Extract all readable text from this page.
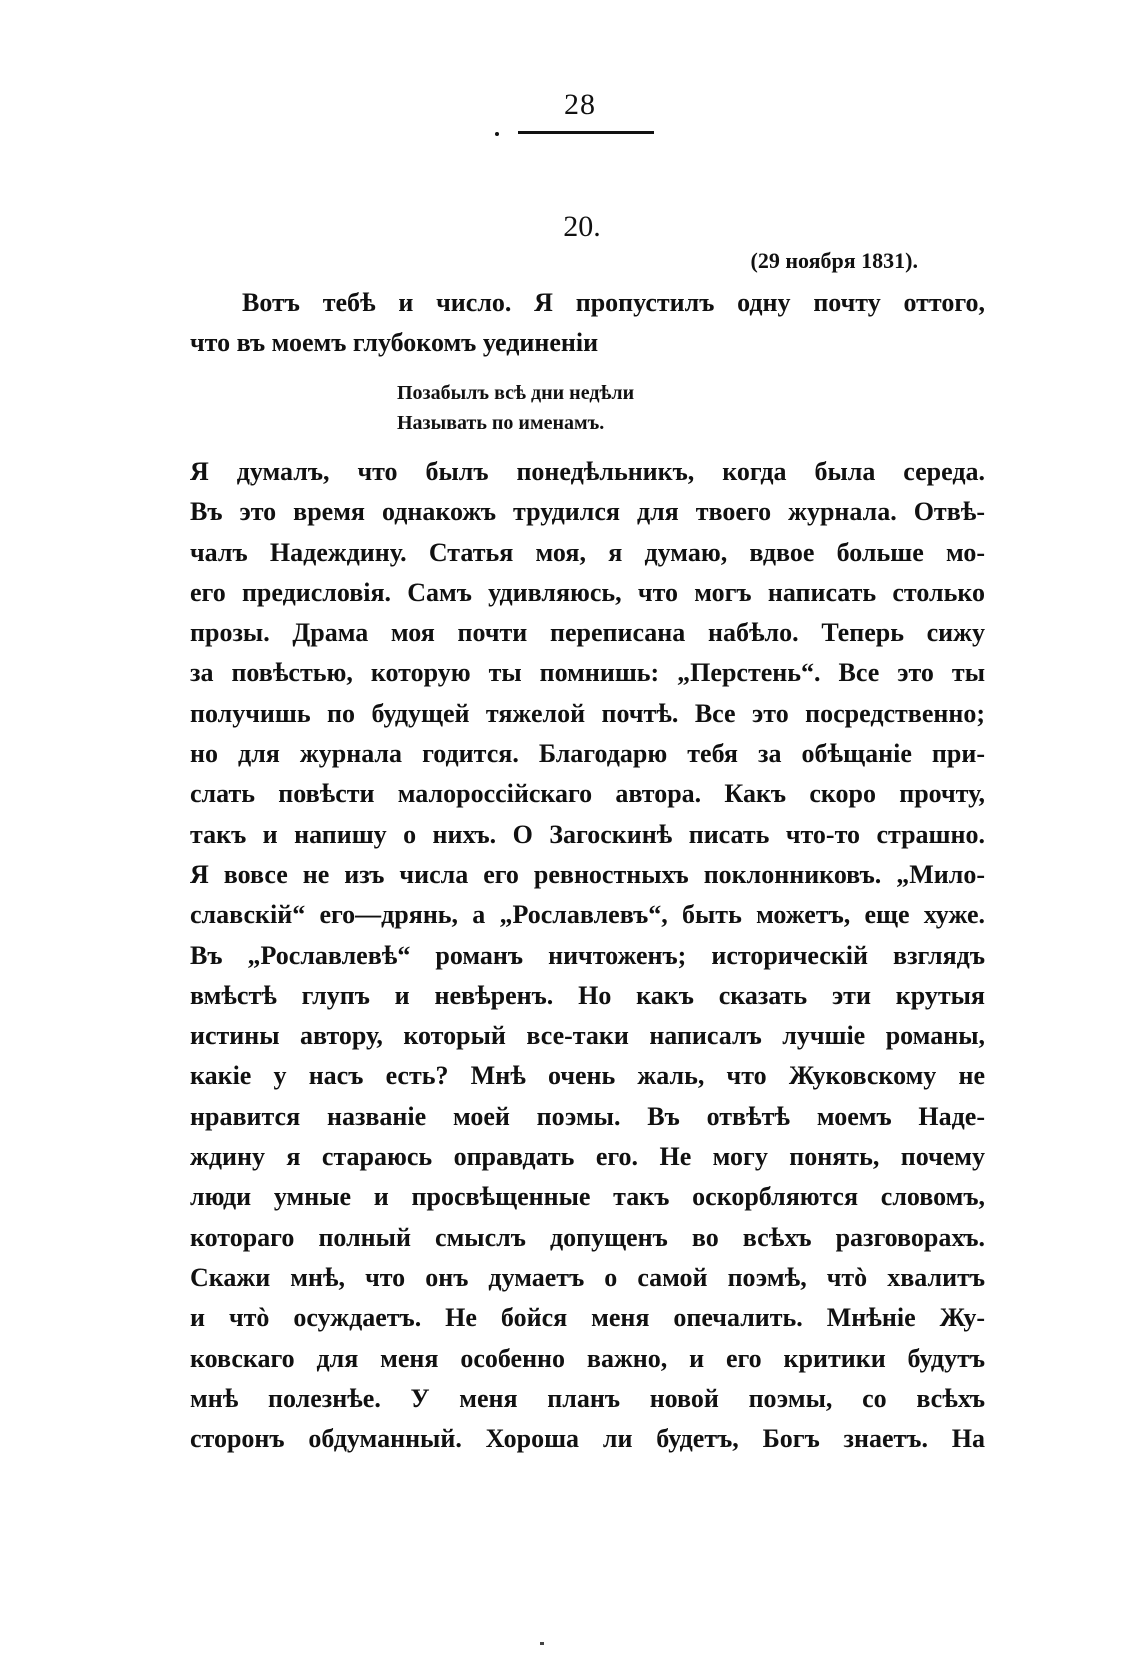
28
20.
(29 ноября 1831).
Вотъ тебѣ и число. Я пропустилъ одну почту оттого,
что въ моемъ глубокомъ уединеніи
Позабылъ всѣ дни недѣли
Называть по именамъ.
Я думалъ, что былъ понедѣльникъ, когда была середа.
Въ это время однакожъ трудился для твоего журнала. Отвѣ-
чалъ Надеждину. Статья моя, я думаю, вдвое больше мо-
его предисловія. Самъ удивляюсь, что могъ написать столько
прозы. Драма моя почти переписана набѣло. Теперь сижу
за повѣстью, которую ты помнишь: „Перстень“. Все это ты
получишь по будущей тяжелой почтѣ. Все это посредственно;
но для журнала годится. Благодарю тебя за обѣщаніе при-
слать повѣсти малороссійскаго автора. Какъ скоро прочту,
такъ и напишу о нихъ. О Загоскинѣ писать что-то страшно.
Я вовсе не изъ числа его ревностныхъ поклонниковъ. „Мило-
славскій“ его—дрянь, а „Рославлевъ“, быть можетъ, еще хуже.
Въ „Рославлевѣ“ романъ ничтоженъ; историческій взглядъ
вмѣстѣ глупъ и невѣренъ. Но какъ сказать эти крутыя
истины автору, который все-таки написалъ лучшіе романы,
какіе у насъ есть? Мнѣ очень жаль, что Жуковскому не
нравится названіе моей поэмы. Въ отвѣтѣ моемъ Наде-
ждину я стараюсь оправдать его. Не могу понять, почему
люди умные и просвѣщенные такъ оскорбляются словомъ,
котораго полный смыслъ допущенъ во всѣхъ разговорахъ.
Скажи мнѣ, что онъ думаетъ о самой поэмѣ, чтò хвалитъ
и чтò осуждаетъ. Не бойся меня опечалить. Мнѣніе Жу-
ковскаго для меня особенно важно, и его критики будутъ
мнѣ полезнѣе. У меня планъ новой поэмы, со всѣхъ
сторонъ обдуманный. Хороша ли будетъ, Богъ знаетъ. На
